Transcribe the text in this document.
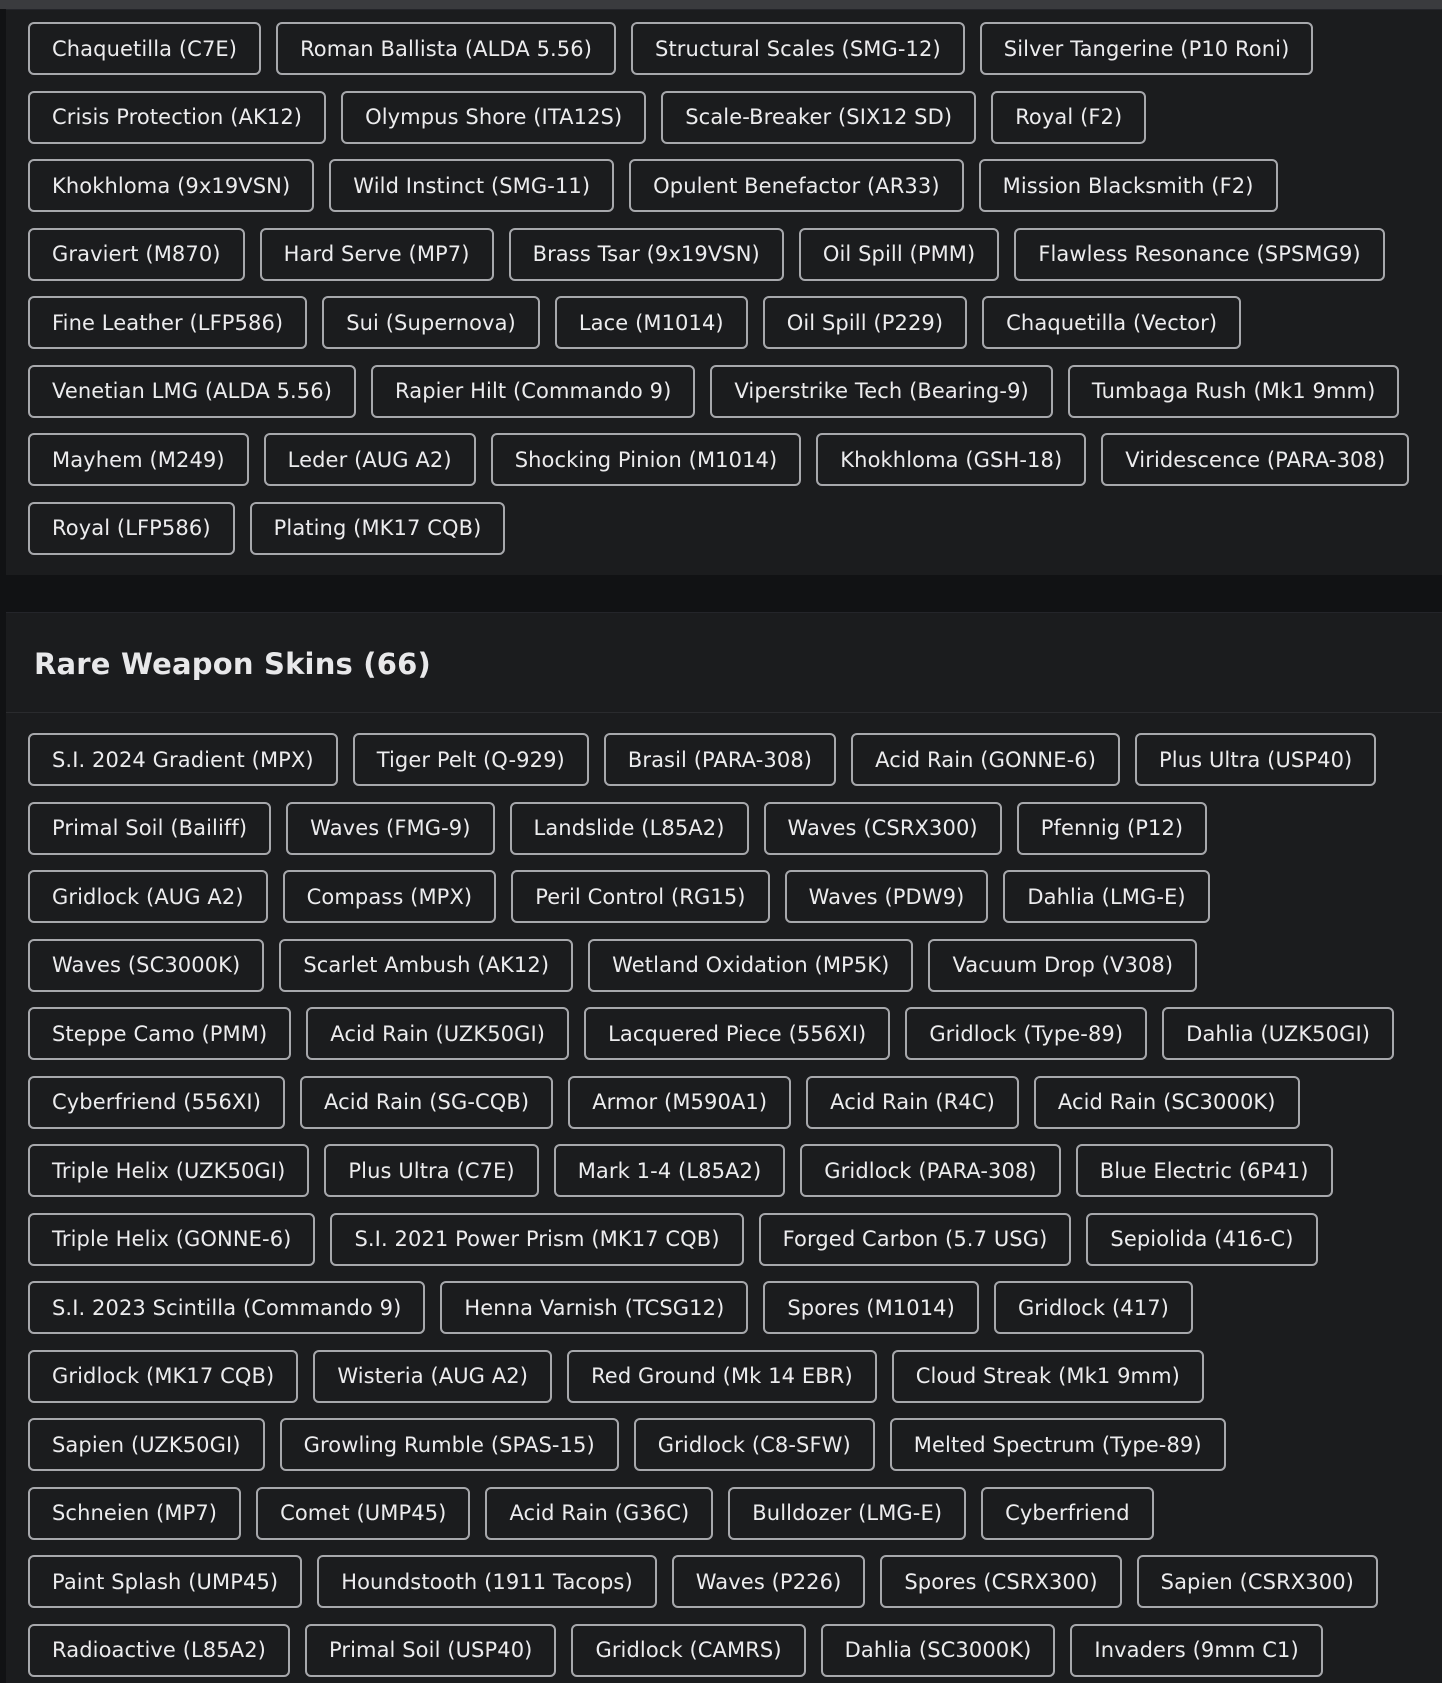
Chaquetilla (C7E)	Roman Ballista (ALDA 5.56)	Structural Scales (SMG-12)	Silver Tangerine (P10 Roni)
Crisis Protection (AK12)	Olympus Shore (ITA12S)	Scale-Breaker (SIX12 SD)	Royal (F2)
Khokhloma (9x19VSN)	Wild Instinct (SMG-11)	Opulent Benefactor (AR33)	Mission Blacksmith (F2)
Graviert (M870)	Hard Serve (MP7)	Brass Tsar (9x19VSN)	Oil Spill (PMM)	Flawless Resonance (SPSMG9)
Fine Leather (LFP586)	Sui (Supernova)	Lace (M1014)	Oil Spill (P229)	Chaquetilla (Vector)
Venetian LMG (ALDA 5.56)	Rapier Hilt (Commando 9)	Viperstrike Tech (Bearing-9)	Tumbaga Rush (Mk1 9mm)
Mayhem (M249)	Leder (AUG A2)	Shocking Pinion (M1014)	Khokhloma (GSH-18)	Viridescence (PARA-308)
Royal (LFP586)	Plating (MK17 CQB)
Rare Weapon Skins (66)
S.I. 2024 Gradient (MPX)	Tiger Pelt (Q-929)	Brasil (PARA-308)	Acid Rain (GONNE-6)	Plus Ultra (USP40)
Primal Soil (Bailiff)	Waves (FMG-9)	Landslide (L85A2)	Waves (CSRX300)	Pfennig (P12)
Gridlock (AUG A2)	Compass (MPX)	Peril Control (RG15)	Waves (PDW9)	Dahlia (LMG-E)
Waves (SC3000K)	Scarlet Ambush (AK12)	Wetland Oxidation (MP5K)	Vacuum Drop (V308)
Steppe Camo (PMM)	Acid Rain (UZK50GI)	Lacquered Piece (556XI)	Gridlock (Type-89)	Dahlia (UZK50GI)
Cyberfriend (556XI)	Acid Rain (SG-CQB)	Armor (M590A1)	Acid Rain (R4C)	Acid Rain (SC3000K)
Triple Helix (UZK50GI)	Plus Ultra (C7E)	Mark 1-4 (L85A2)	Gridlock (PARA-308)	Blue Electric (6P41)
Triple Helix (GONNE-6)	S.I. 2021 Power Prism (MK17 CQB)	Forged Carbon (5.7 USG)	Sepiolida (416-C)
S.I. 2023 Scintilla (Commando 9)	Henna Varnish (TCSG12)	Spores (M1014)	Gridlock (417)
Gridlock (MK17 CQB)	Wisteria (AUG A2)	Red Ground (Mk 14 EBR)	Cloud Streak (Mk1 9mm)
Sapien (UZK50GI)	Growling Rumble (SPAS-15)	Gridlock (C8-SFW)	Melted Spectrum (Type-89)
Schneien (MP7)	Comet (UMP45)	Acid Rain (G36C)	Bulldozer (LMG-E)	Cyberfriend
Paint Splash (UMP45)	Houndstooth (1911 Tacops)	Waves (P226)	Spores (CSRX300)	Sapien (CSRX300)
Radioactive (L85A2)	Primal Soil (USP40)	Gridlock (CAMRS)	Dahlia (SC3000K)	Invaders (9mm C1)
